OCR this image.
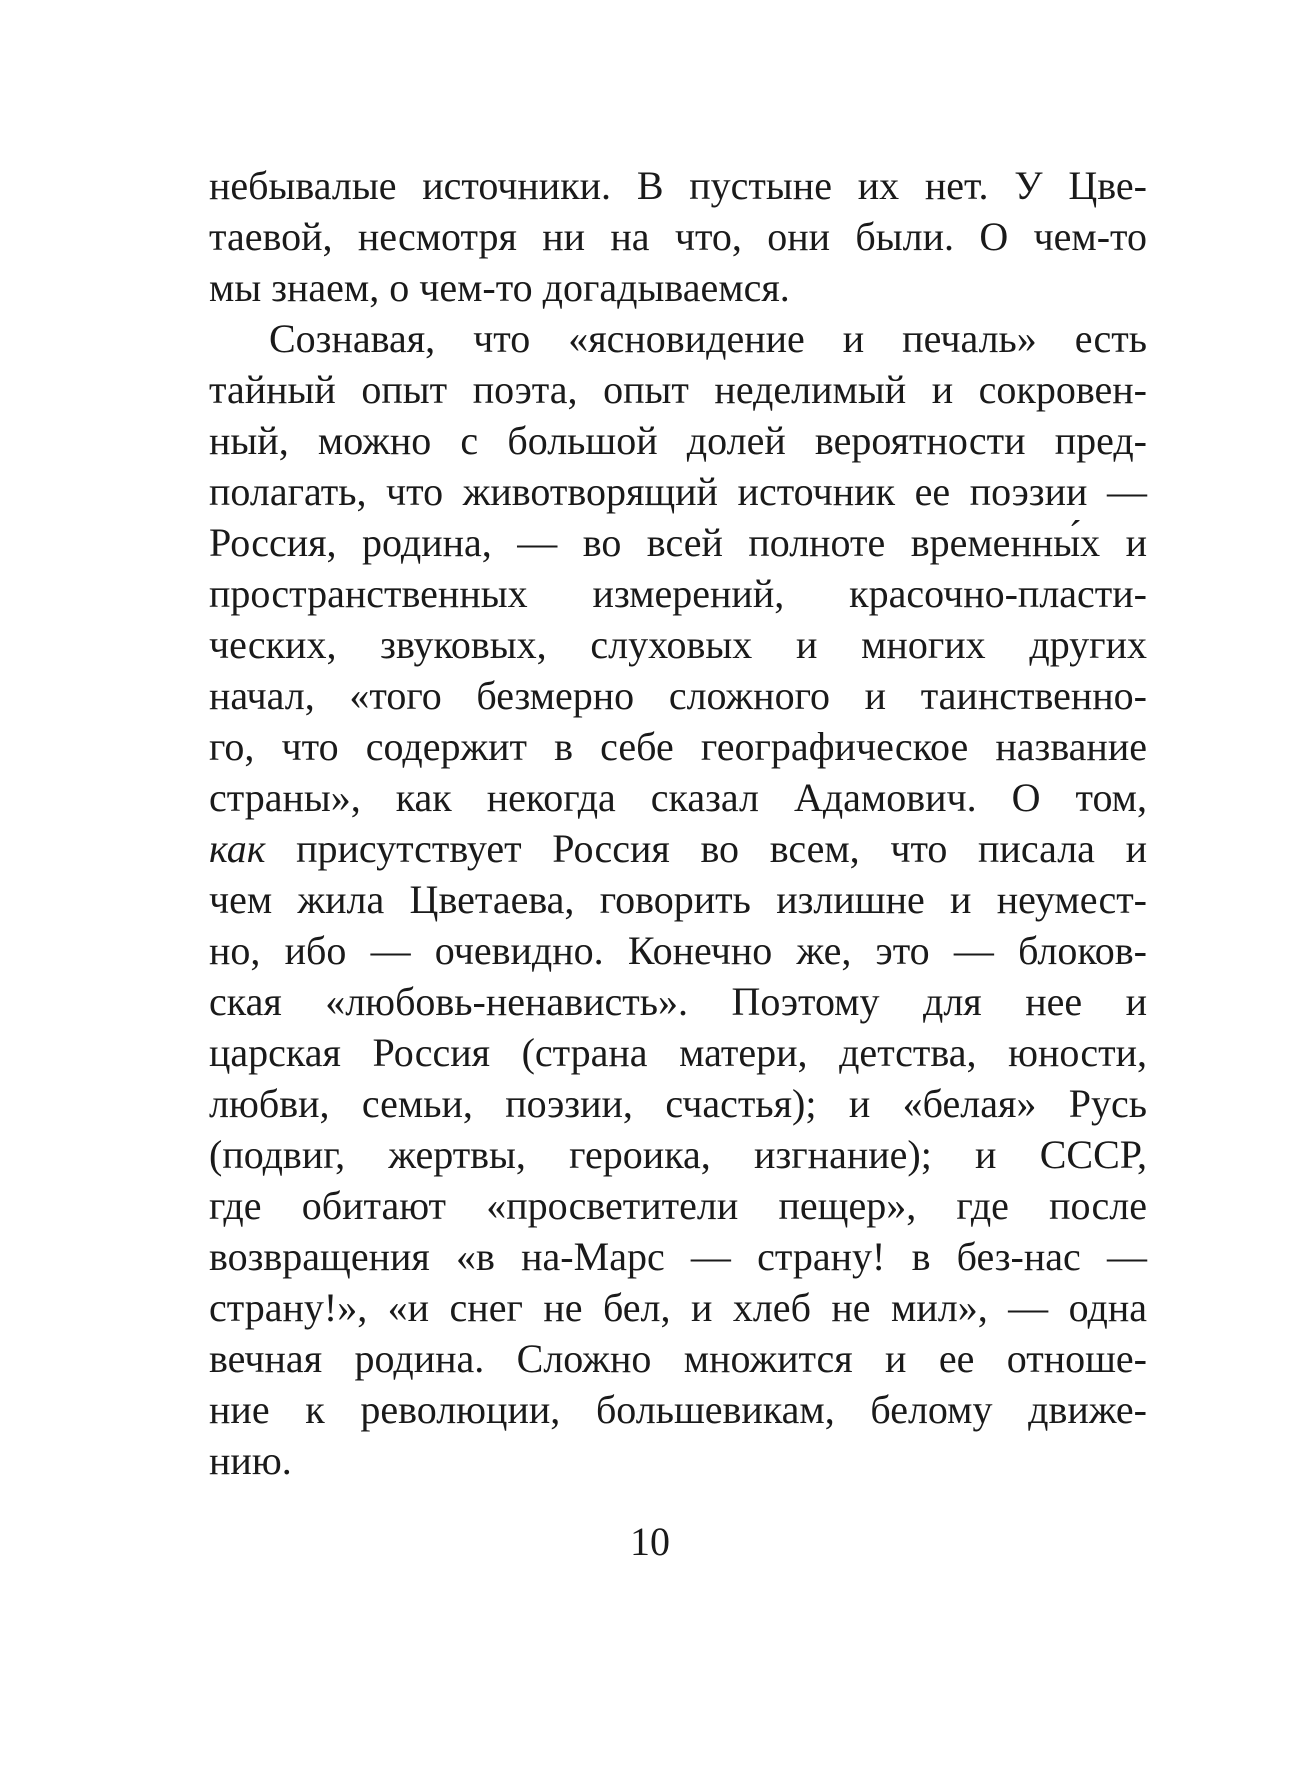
небывалые источники. В пустыне их нет. У Цве-
таевой, несмотря ни на что, они были. О чем-то
мы знаем, о чем-то догадываемся.
Сознавая, что «ясновидение и печаль» есть
тайный опыт поэта, опыт неделимый и сокровен-
ный, можно с большой долей вероятности пред-
полагать, что животворящий источник ее поэзии —
Россия, родина, — во всей полноте временны́х и
пространственных измерений, красочно-пласти-
ческих, звуковых, слуховых и многих других
начал, «того безмерно сложного и таинственно-
го, что содержит в себе географическое название
страны», как некогда сказал Адамович. О том,
как присутствует Россия во всем, что писала и
чем жила Цветаева, говорить излишне и неумест-
но, ибо — очевидно. Конечно же, это — блоков-
ская «любовь-ненависть». Поэтому для нее и
царская Россия (страна матери, детства, юности,
любви, семьи, поэзии, счастья); и «белая» Русь
(подвиг, жертвы, героика, изгнание); и СССР,
где обитают «просветители пещер», где после
возвращения «в на-Марс — страну! в без-нас —
страну!», «и снег не бел, и хлеб не мил», — одна
вечная родина. Сложно множится и ее отноше-
ние к революции, большевикам, белому движе-
нию.
10
